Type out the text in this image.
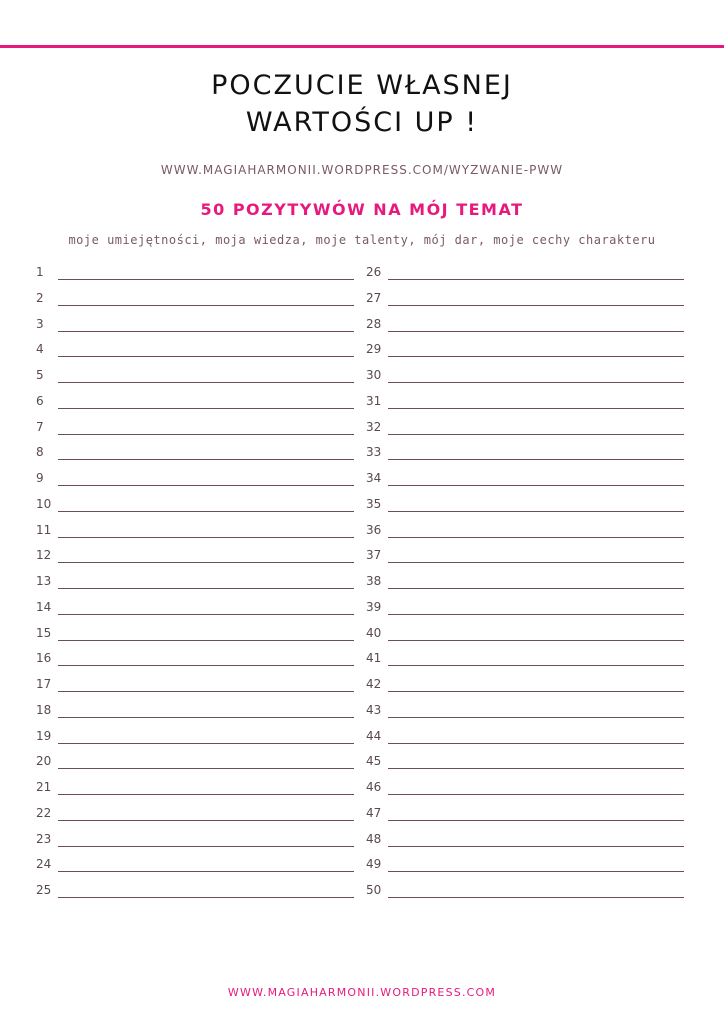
POCZUCIE WŁASNEJ
WARTOŚCI UP !
WWW.MAGIAHARMONII.WORDPRESS.COM/WYZWANIE-PWW
50 POZYTYWÓW NA MÓJ TEMAT
moje umiejętności, moja wiedza, moje talenty, mój dar, moje cechy charakteru
1
2
3
4
5
6
7
8
9
10
11
12
13
14
15
16
17
18
19
20
21
22
23
24
25
26
27
28
29
30
31
32
33
34
35
36
37
38
39
40
41
42
43
44
45
46
47
48
49
50
WWW.MAGIAHARMONII.WORDPRESS.COM
